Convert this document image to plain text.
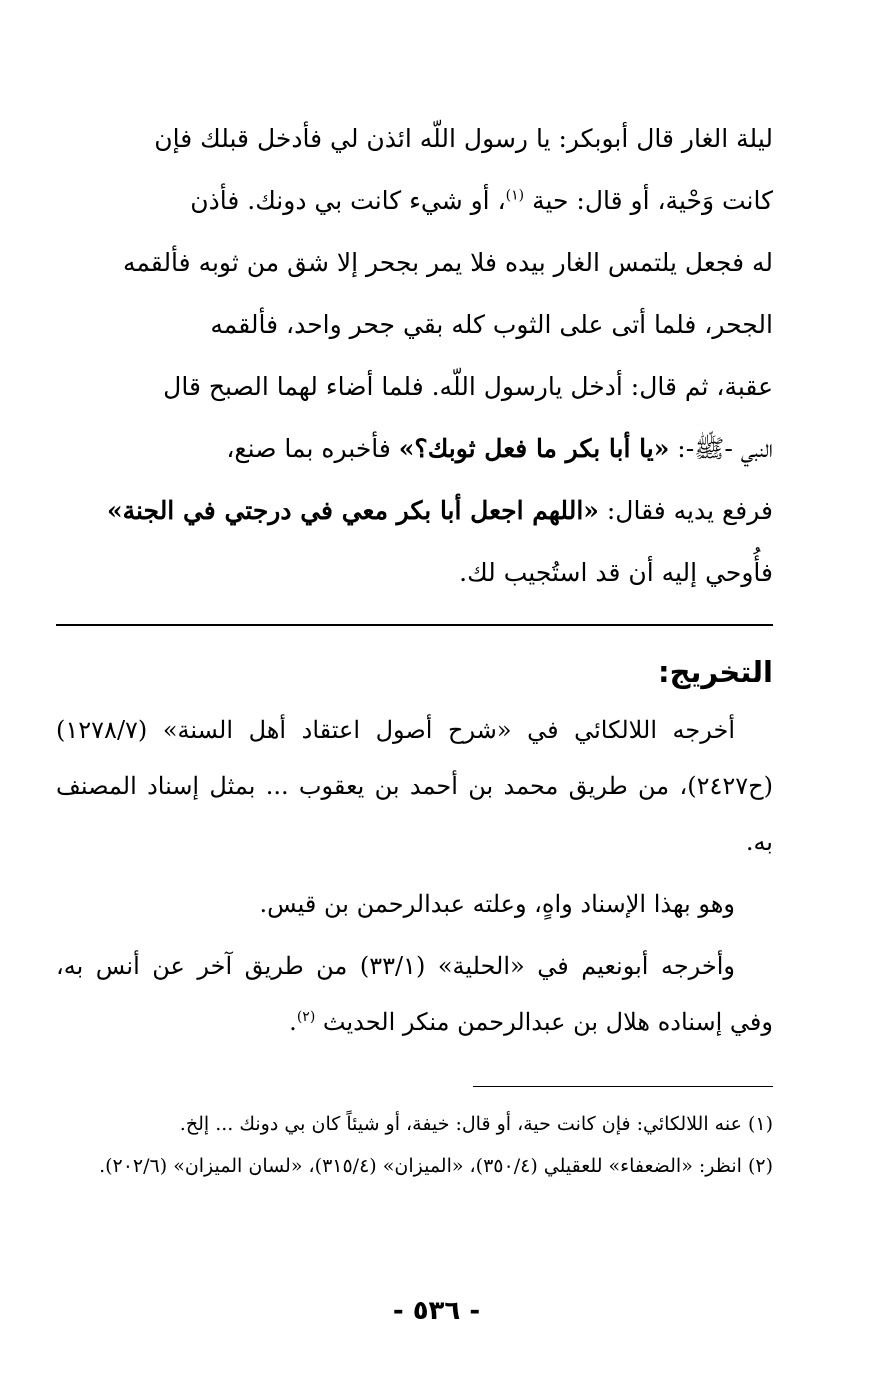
ليلة الغار قال أبوبكر: يا رسول اللّه ائذن لي فأدخل قبلك فإن

كانت وَحْية، أو قال: حية $^{(١)}$، أو شيء كانت بي دونك. فأذن

له فجعل يلتمس الغار بيده فلا يمر بجحر إلا شق من ثوبه فألقمه

الجحر، فلما أتى على الثوب كله بقي جحر واحد، فألقمه

عقبة، ثم قال: أدخل يارسول اللّه. فلما أضاء لهما الصبح قال

النبي -ﷺ-: «يا أبا بكر ما فعل ثوبك؟» فأخبره بما صنع،

فرفع يديه فقال: «اللهم اجعل أبا بكر معي في درجتي في الجنة»

فأُوحي إليه أن قد استُجيب لك.

التخريج:

أخرجه اللالكائي في «شرح أصول اعتقاد أهل السنة» (١٢٧٨/٧) (ح٢٤٢٧)، من طريق محمد بن أحمد بن يعقوب ... بمثل إسناد المصنف به.

وهو بهذا الإسناد واهٍ، وعلته عبدالرحمن بن قيس.

وأخرجه أبونعيم في «الحلية» (٣٣/١) من طريق آخر عن أنس به، وفي إسناده هلال بن عبدالرحمن منكر الحديث $^{(٢)}$.

(١) عنه اللالكائي: فإن كانت حية، أو قال: خيفة، أو شيئاً كان بي دونك ... إلخ.

(٢) انظر: «الضعفاء» للعقيلي (٣٥٠/٤)، «الميزان» (٣١٥/٤)، «لسان الميزان» (٢٠٢/٦).

- ٥٣٦ -
